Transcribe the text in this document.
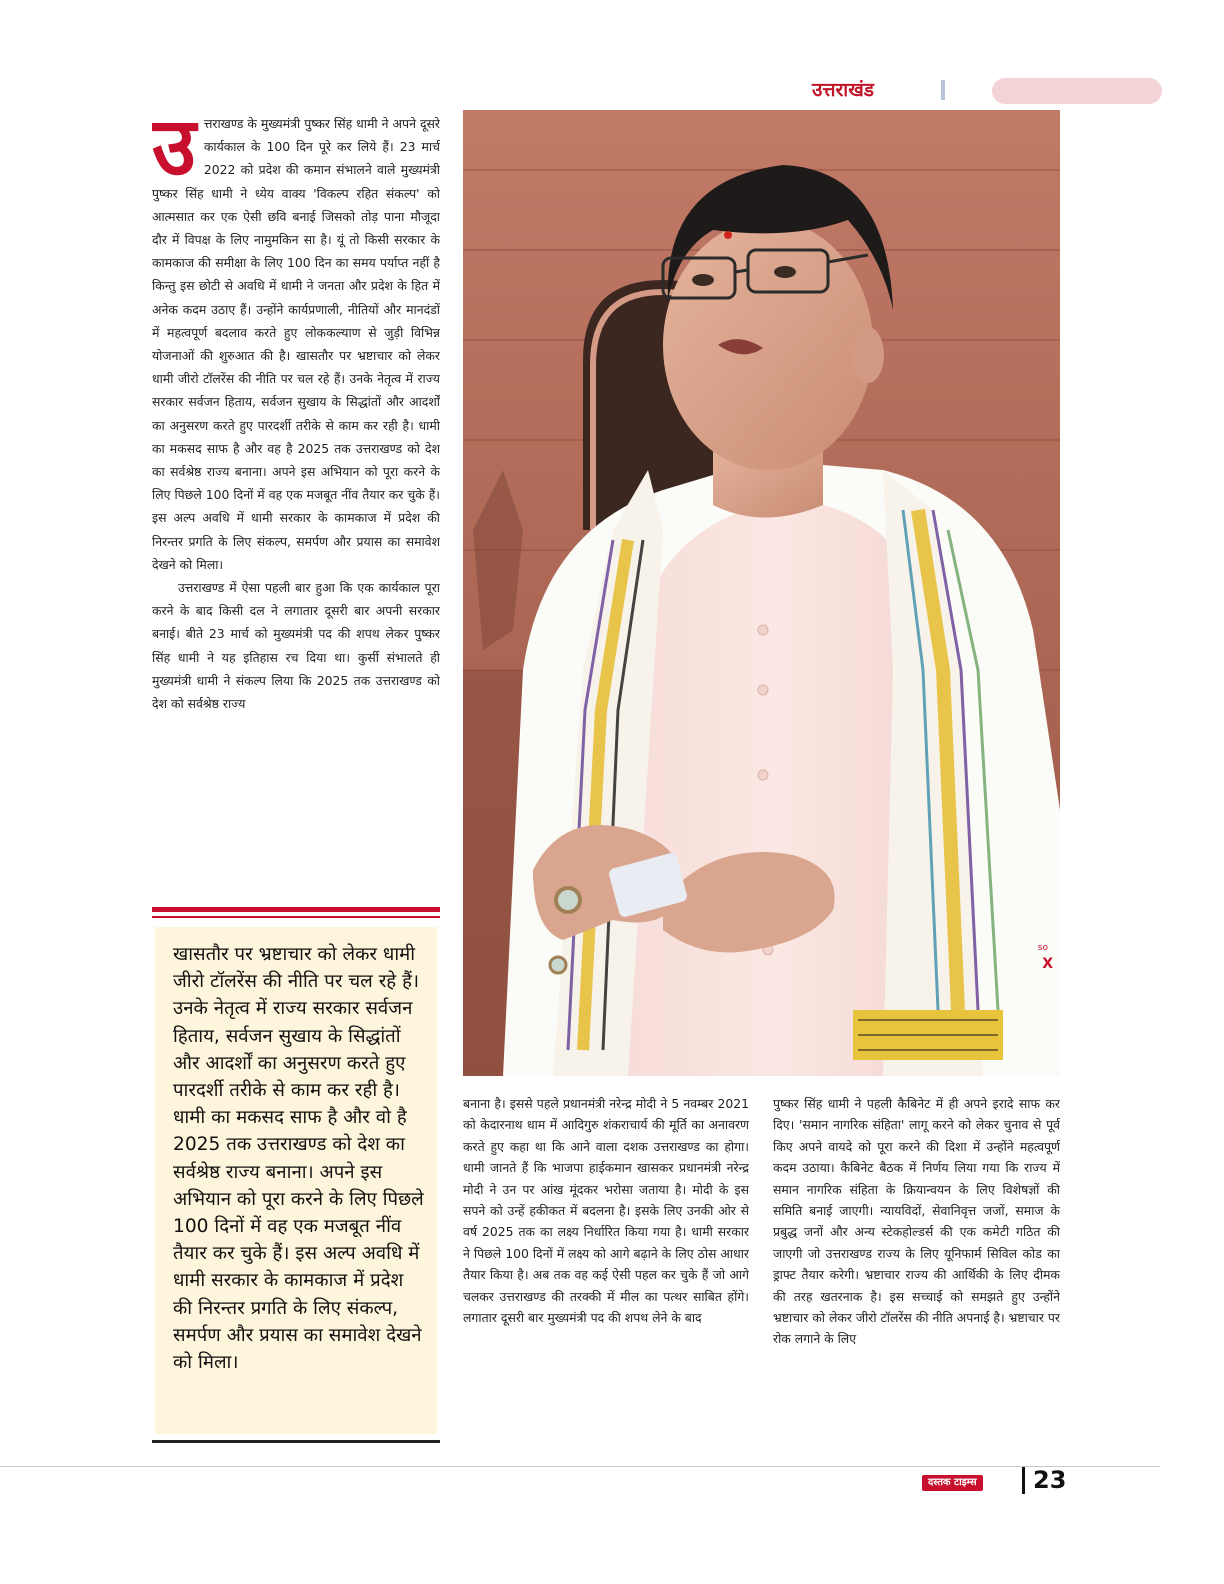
उत्तराखंड

उत्तराखण्ड के मुख्यमंत्री पुष्कर सिंह धामी ने अपने दूसरे कार्यकाल के 100 दिन पूरे कर लिये हैं। 23 मार्च 2022 को प्रदेश की कमान संभालने वाले मुख्यमंत्री पुष्कर सिंह धामी ने ध्येय वाक्य 'विकल्प रहित संकल्प' को आत्मसात कर एक ऐसी छवि बनाई जिसको तोड़ पाना मौजूदा दौर में विपक्ष के लिए नामुमकिन सा है। यूं तो किसी सरकार के कामकाज की समीक्षा के लिए 100 दिन का समय पर्याप्त नहीं है किन्तु इस छोटी से अवधि में धामी ने जनता और प्रदेश के हित में अनेक कदम उठाए हैं। उन्होंने कार्यप्रणाली, नीतियों और मानदंडों में महत्वपूर्ण बदलाव करते हुए लोककल्याण से जुड़ी विभिन्न योजनाओं की शुरुआत की है। खासतौर पर भ्रष्टाचार को लेकर धामी जीरो टॉलरेंस की नीति पर चल रहे हैं। उनके नेतृत्व में राज्य सरकार सर्वजन हिताय, सर्वजन सुखाय के सिद्धांतों और आदर्शों का अनुसरण करते हुए पारदर्शी तरीके से काम कर रही है। धामी का मकसद साफ है और वह है 2025 तक उत्तराखण्ड को देश का सर्वश्रेष्ठ राज्य बनाना। अपने इस अभियान को पूरा करने के लिए पिछले 100 दिनों में वह एक मजबूत नींव तैयार कर चुके हैं। इस अल्प अवधि में धामी सरकार के कामकाज में प्रदेश की निरन्तर प्रगति के लिए संकल्प, समर्पण और प्रयास का समावेश देखने को मिला।

उत्तराखण्ड में ऐसा पहली बार हुआ कि एक कार्यकाल पूरा करने के बाद किसी दल ने लगातार दूसरी बार अपनी सरकार बनाई। बीते 23 मार्च को मुख्यमंत्री पद की शपथ लेकर पुष्कर सिंह धामी ने यह इतिहास रच दिया था। कुर्सी संभालते ही मुख्यमंत्री धामी ने संकल्प लिया कि 2025 तक उत्तराखण्ड को देश को सर्वश्रेष्ठ राज्य

so
X
खासतौर पर भ्रष्टाचार को लेकर धामी जीरो टॉलरेंस की नीति पर चल रहे हैं। उनके नेतृत्व में राज्य सरकार सर्वजन हिताय, सर्वजन सुखाय के सिद्धांतों और आदर्शों का अनुसरण करते हुए पारदर्शी तरीके से काम कर रही है। धामी का मकसद साफ है और वो है 2025 तक उत्तराखण्ड को देश का सर्वश्रेष्ठ राज्य बनाना। अपने इस अभियान को पूरा करने के लिए पिछले 100 दिनों में वह एक मजबूत नींव तैयार कर चुके हैं। इस अल्प अवधि में धामी सरकार के कामकाज में प्रदेश की निरन्तर प्रगति के लिए संकल्प, समर्पण और प्रयास का समावेश देखने को मिला।
बनाना है। इससे पहले प्रधानमंत्री नरेन्द्र मोदी ने 5 नवम्बर 2021 को केदारनाथ धाम में आदिगुरु शंकराचार्य की मूर्ति का अनावरण करते हुए कहा था कि आने वाला दशक उत्तराखण्ड का होगा। धामी जानते हैं कि भाजपा हाईकमान खासकर प्रधानमंत्री नरेन्द्र मोदी ने उन पर आंख मूंदकर भरोसा जताया है। मोदी के इस सपने को उन्हें हकीकत में बदलना है। इसके लिए उनकी ओर से वर्ष 2025 तक का लक्ष्य निर्धारित किया गया है। धामी सरकार ने पिछले 100 दिनों में लक्ष्य को आगे बढ़ाने के लिए ठोस आधार तैयार किया है। अब तक वह कई ऐसी पहल कर चुके हैं जो आगे चलकर उत्तराखण्ड की तरक्की में मील का पत्थर साबित होंगे। लगातार दूसरी बार मुख्यमंत्री पद की शपथ लेने के बाद
पुष्कर सिंह धामी ने पहली कैबिनेट में ही अपने इरादे साफ कर दिए। 'समान नागरिक संहिता' लागू करने को लेकर चुनाव से पूर्व किए अपने वायदे को पूरा करने की दिशा में उन्होंने महत्वपूर्ण कदम उठाया। कैबिनेट बैठक में निर्णय लिया गया कि राज्य में समान नागरिक संहिता के क्रियान्वयन के लिए विशेषज्ञों की समिति बनाई जाएगी। न्यायविदों, सेवानिवृत्त जजों, समाज के प्रबुद्ध जनों और अन्य स्टेकहोल्डर्स की एक कमेटी गठित की जाएगी जो उत्तराखण्ड राज्य के लिए यूनिफार्म सिविल कोड का ड्राफ्ट तैयार करेगी। भ्रष्टाचार राज्य की आर्थिकी के लिए दीमक की तरह खतरनाक है। इस सच्चाई को समझते हुए उन्होंने भ्रष्टाचार को लेकर जीरो टॉलरेंस की नीति अपनाई है। भ्रष्टाचार पर रोक लगाने के लिए
दस्तक टाइम्स 23
